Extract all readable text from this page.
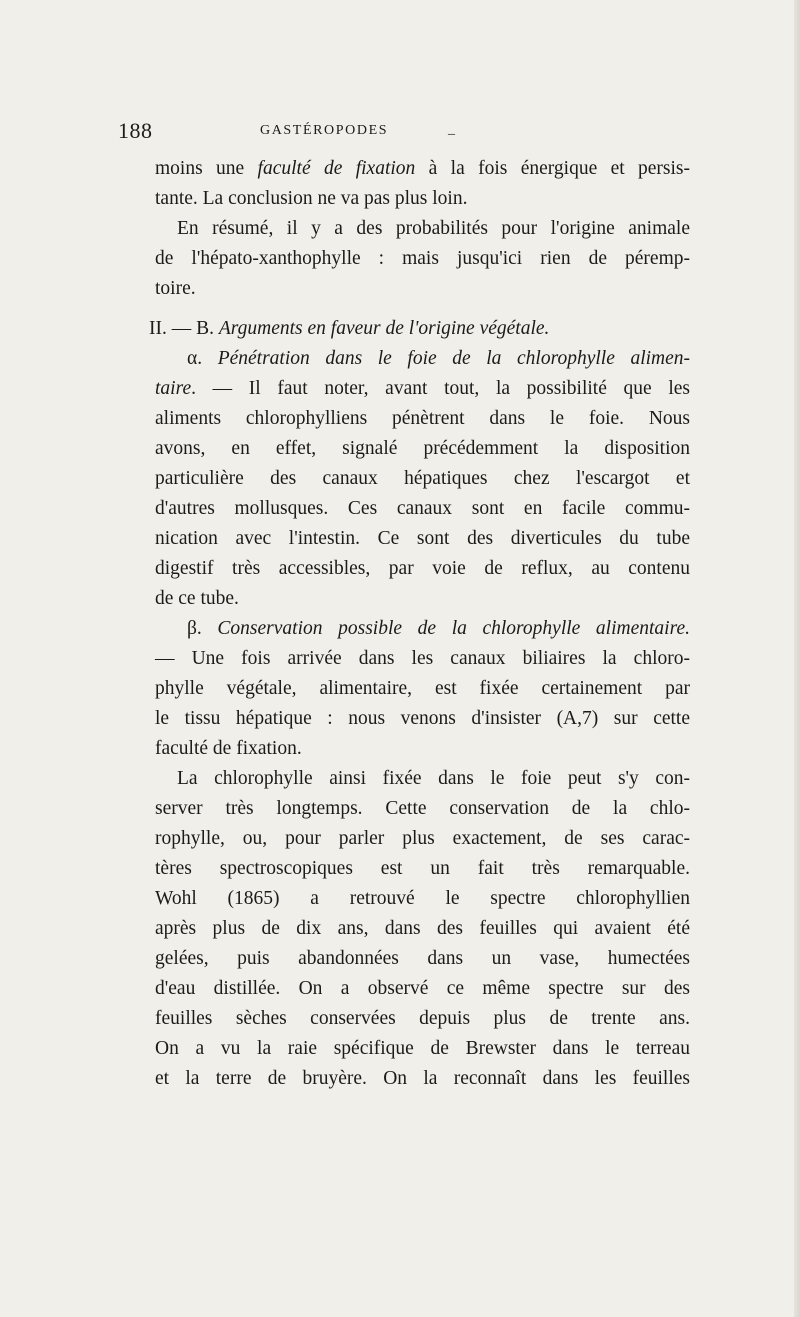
188	GASTÉROPODES	_
moins une faculté de fixation à la fois énergique et persis-
tante. La conclusion ne va pas plus loin.
En résumé, il y a des probabilités pour l'origine animale
de l'hépato-xanthophylle : mais jusqu'ici rien de péremp-
toire.
II. — B. Arguments en faveur de l'origine végétale.
α. Pénétration dans le foie de la chlorophylle alimen-
taire. — Il faut noter, avant tout, la possibilité que les
aliments chlorophylliens pénètrent dans le foie. Nous
avons, en effet, signalé précédemment la disposition
particulière des canaux hépatiques chez l'escargot et
d'autres mollusques. Ces canaux sont en facile commu-
nication avec l'intestin. Ce sont des diverticules du tube
digestif très accessibles, par voie de reflux, au contenu
de ce tube.
β. Conservation possible de la chlorophylle alimentaire.
— Une fois arrivée dans les canaux biliaires la chloro-
phylle végétale, alimentaire, est fixée certainement par
le tissu hépatique : nous venons d'insister (A,7) sur cette
faculté de fixation.
La chlorophylle ainsi fixée dans le foie peut s'y con-
server très longtemps. Cette conservation de la chlo-
rophylle, ou, pour parler plus exactement, de ses carac-
tères spectroscopiques est un fait très remarquable.
Wohl (1865) a retrouvé le spectre chlorophyllien
après plus de dix ans, dans des feuilles qui avaient été
gelées, puis abandonnées dans un vase, humectées
d'eau distillée. On a observé ce même spectre sur des
feuilles sèches conservées depuis plus de trente ans.
On a vu la raie spécifique de Brewster dans le terreau
et la terre de bruyère. On la reconnaît dans les feuilles
